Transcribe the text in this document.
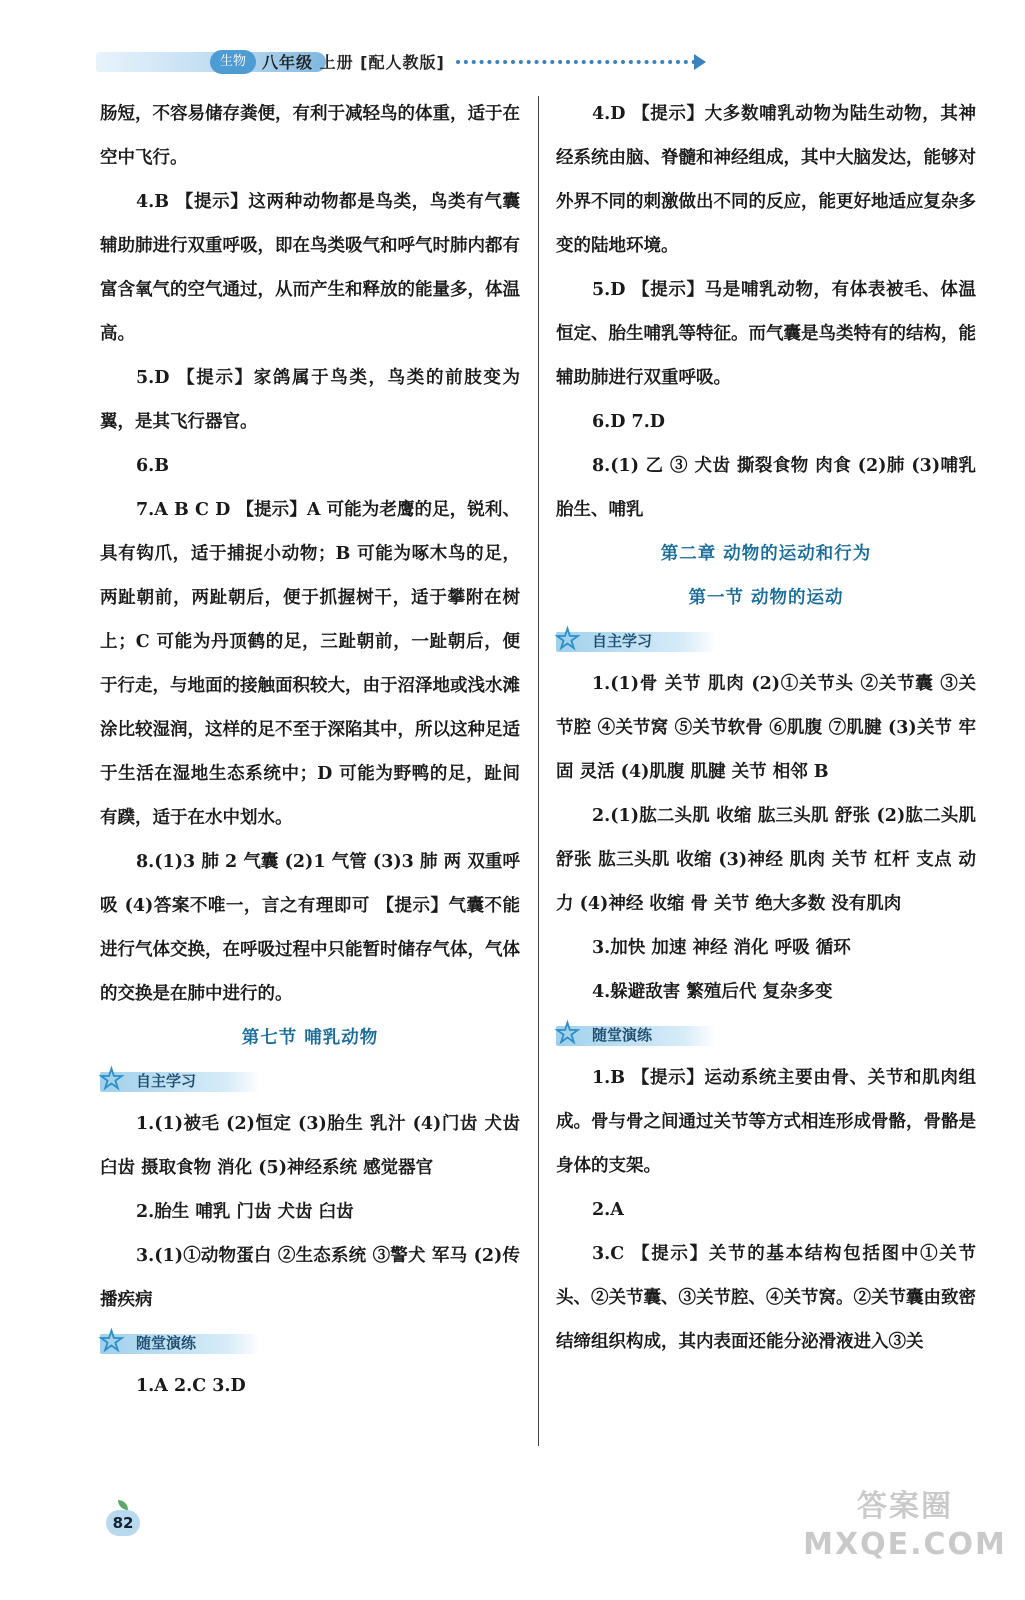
生物	八年级 上册 [配人教版]

肠短，不容易储存粪便，有利于减轻鸟的体重，适于在空中飞行。

4.B 【提示】这两种动物都是鸟类，鸟类有气囊辅助肺进行双重呼吸，即在鸟类吸气和呼气时肺内都有富含氧气的空气通过，从而产生和释放的能量多，体温高。

5.D 【提示】家鸽属于鸟类，鸟类的前肢变为翼，是其飞行器官。

6.B

7.A B C D 【提示】A 可能为老鹰的足，锐利、具有钩爪，适于捕捉小动物；B 可能为啄木鸟的足，两趾朝前，两趾朝后，便于抓握树干，适于攀附在树上；C 可能为丹顶鹤的足，三趾朝前，一趾朝后，便于行走，与地面的接触面积较大，由于沼泽地或浅水滩涂比较湿润，这样的足不至于深陷其中，所以这种足适于生活在湿地生态系统中；D 可能为野鸭的足，趾间有蹼，适于在水中划水。

8.(1)3 肺 2 气囊 (2)1 气管 (3)3 肺 两 双重呼吸 (4)答案不唯一，言之有理即可 【提示】气囊不能进行气体交换，在呼吸过程中只能暂时储存气体，气体的交换是在肺中进行的。

第七节 哺乳动物

☆ 自主学习

1.(1)被毛 (2)恒定 (3)胎生 乳汁 (4)门齿 犬齿 臼齿 摄取食物 消化 (5)神经系统 感觉器官

2.胎生 哺乳 门齿 犬齿 臼齿

3.(1)①动物蛋白 ②生态系统 ③警犬 军马 (2)传播疾病

☆ 随堂演练

1.A 2.C 3.D

4.D 【提示】大多数哺乳动物为陆生动物，其神经系统由脑、脊髓和神经组成，其中大脑发达，能够对外界不同的刺激做出不同的反应，能更好地适应复杂多变的陆地环境。

5.D 【提示】马是哺乳动物，有体表被毛、体温恒定、胎生哺乳等特征。而气囊是鸟类特有的结构，能辅助肺进行双重呼吸。

6.D 7.D

8.(1) 乙 ③ 犬齿 撕裂食物 肉食 (2)肺 (3)哺乳 胎生、哺乳

第二章 动物的运动和行为

第一节 动物的运动

☆ 自主学习

1.(1)骨 关节 肌肉 (2)①关节头 ②关节囊 ③关节腔 ④关节窝 ⑤关节软骨 ⑥肌腹 ⑦肌腱 (3)关节 牢固 灵活 (4)肌腹 肌腱 关节 相邻 B

2.(1)肱二头肌 收缩 肱三头肌 舒张 (2)肱二头肌 舒张 肱三头肌 收缩 (3)神经 肌肉 关节 杠杆 支点 动力 (4)神经 收缩 骨 关节 绝大多数 没有肌肉

3.加快 加速 神经 消化 呼吸 循环

4.躲避敌害 繁殖后代 复杂多变

☆ 随堂演练

1.B 【提示】运动系统主要由骨、关节和肌肉组成。骨与骨之间通过关节等方式相连形成骨骼，骨骼是身体的支架。

2.A

3.C 【提示】关节的基本结构包括图中①关节头、②关节囊、③关节腔、④关节窝。②关节囊由致密结缔组织构成，其内表面还能分泌滑液进入③关

82	答案圈 MXQE.COM
